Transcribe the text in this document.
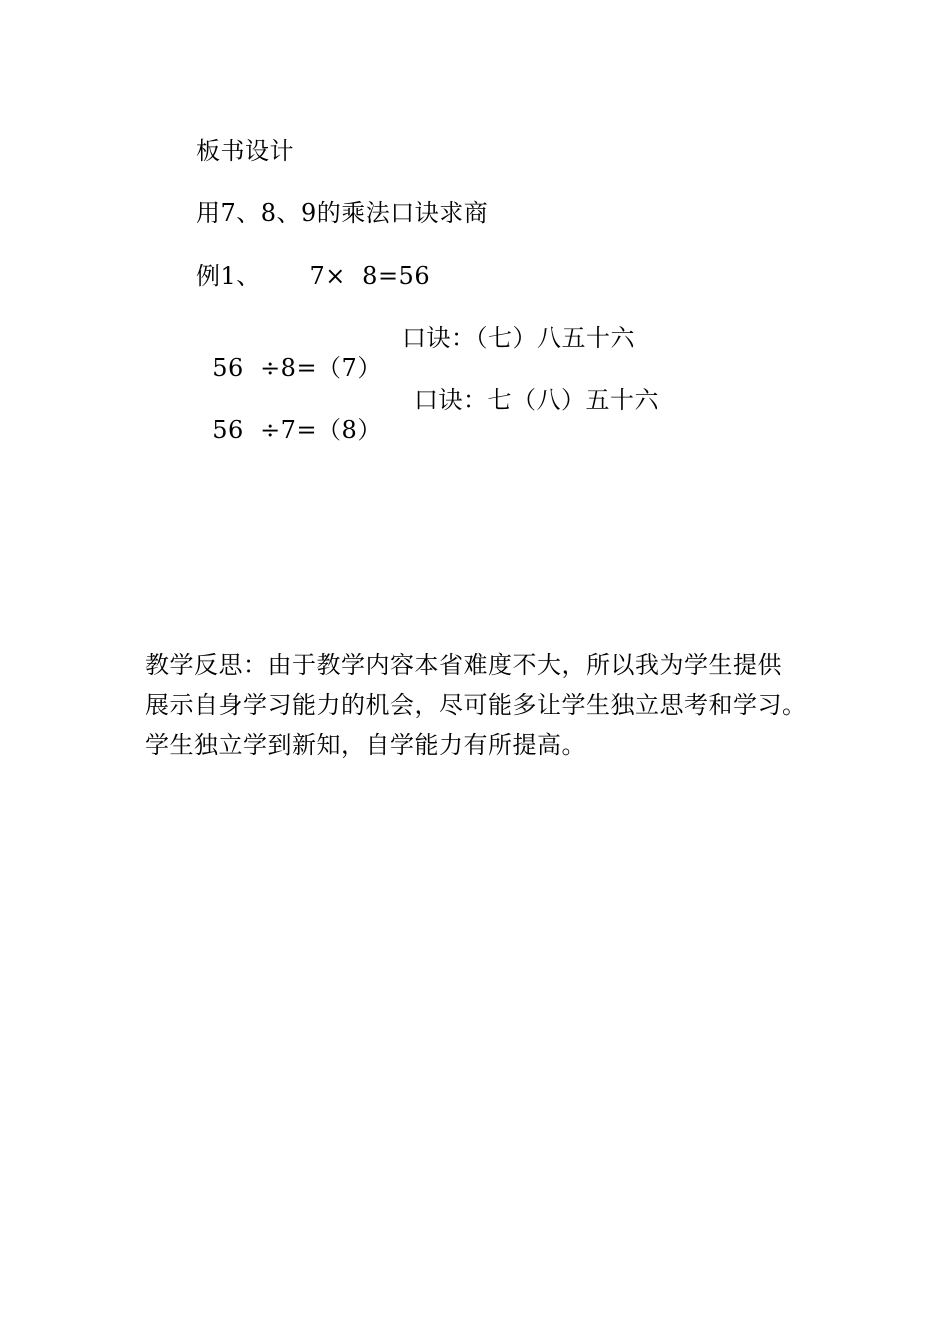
板书设计
用7、8、9的乘法口诀求商
例1、      7×  8=56

56  ÷8=（7）

口诀：（七）八五十六

56  ÷7=（8）

口诀：七（八）五十六

教学反思：由于教学内容本省难度不大，所以我为学生提供
展示自身学习能力的机会，尽可能多让学生独立思考和学习。
学生独立学到新知，自学能力有所提高。
